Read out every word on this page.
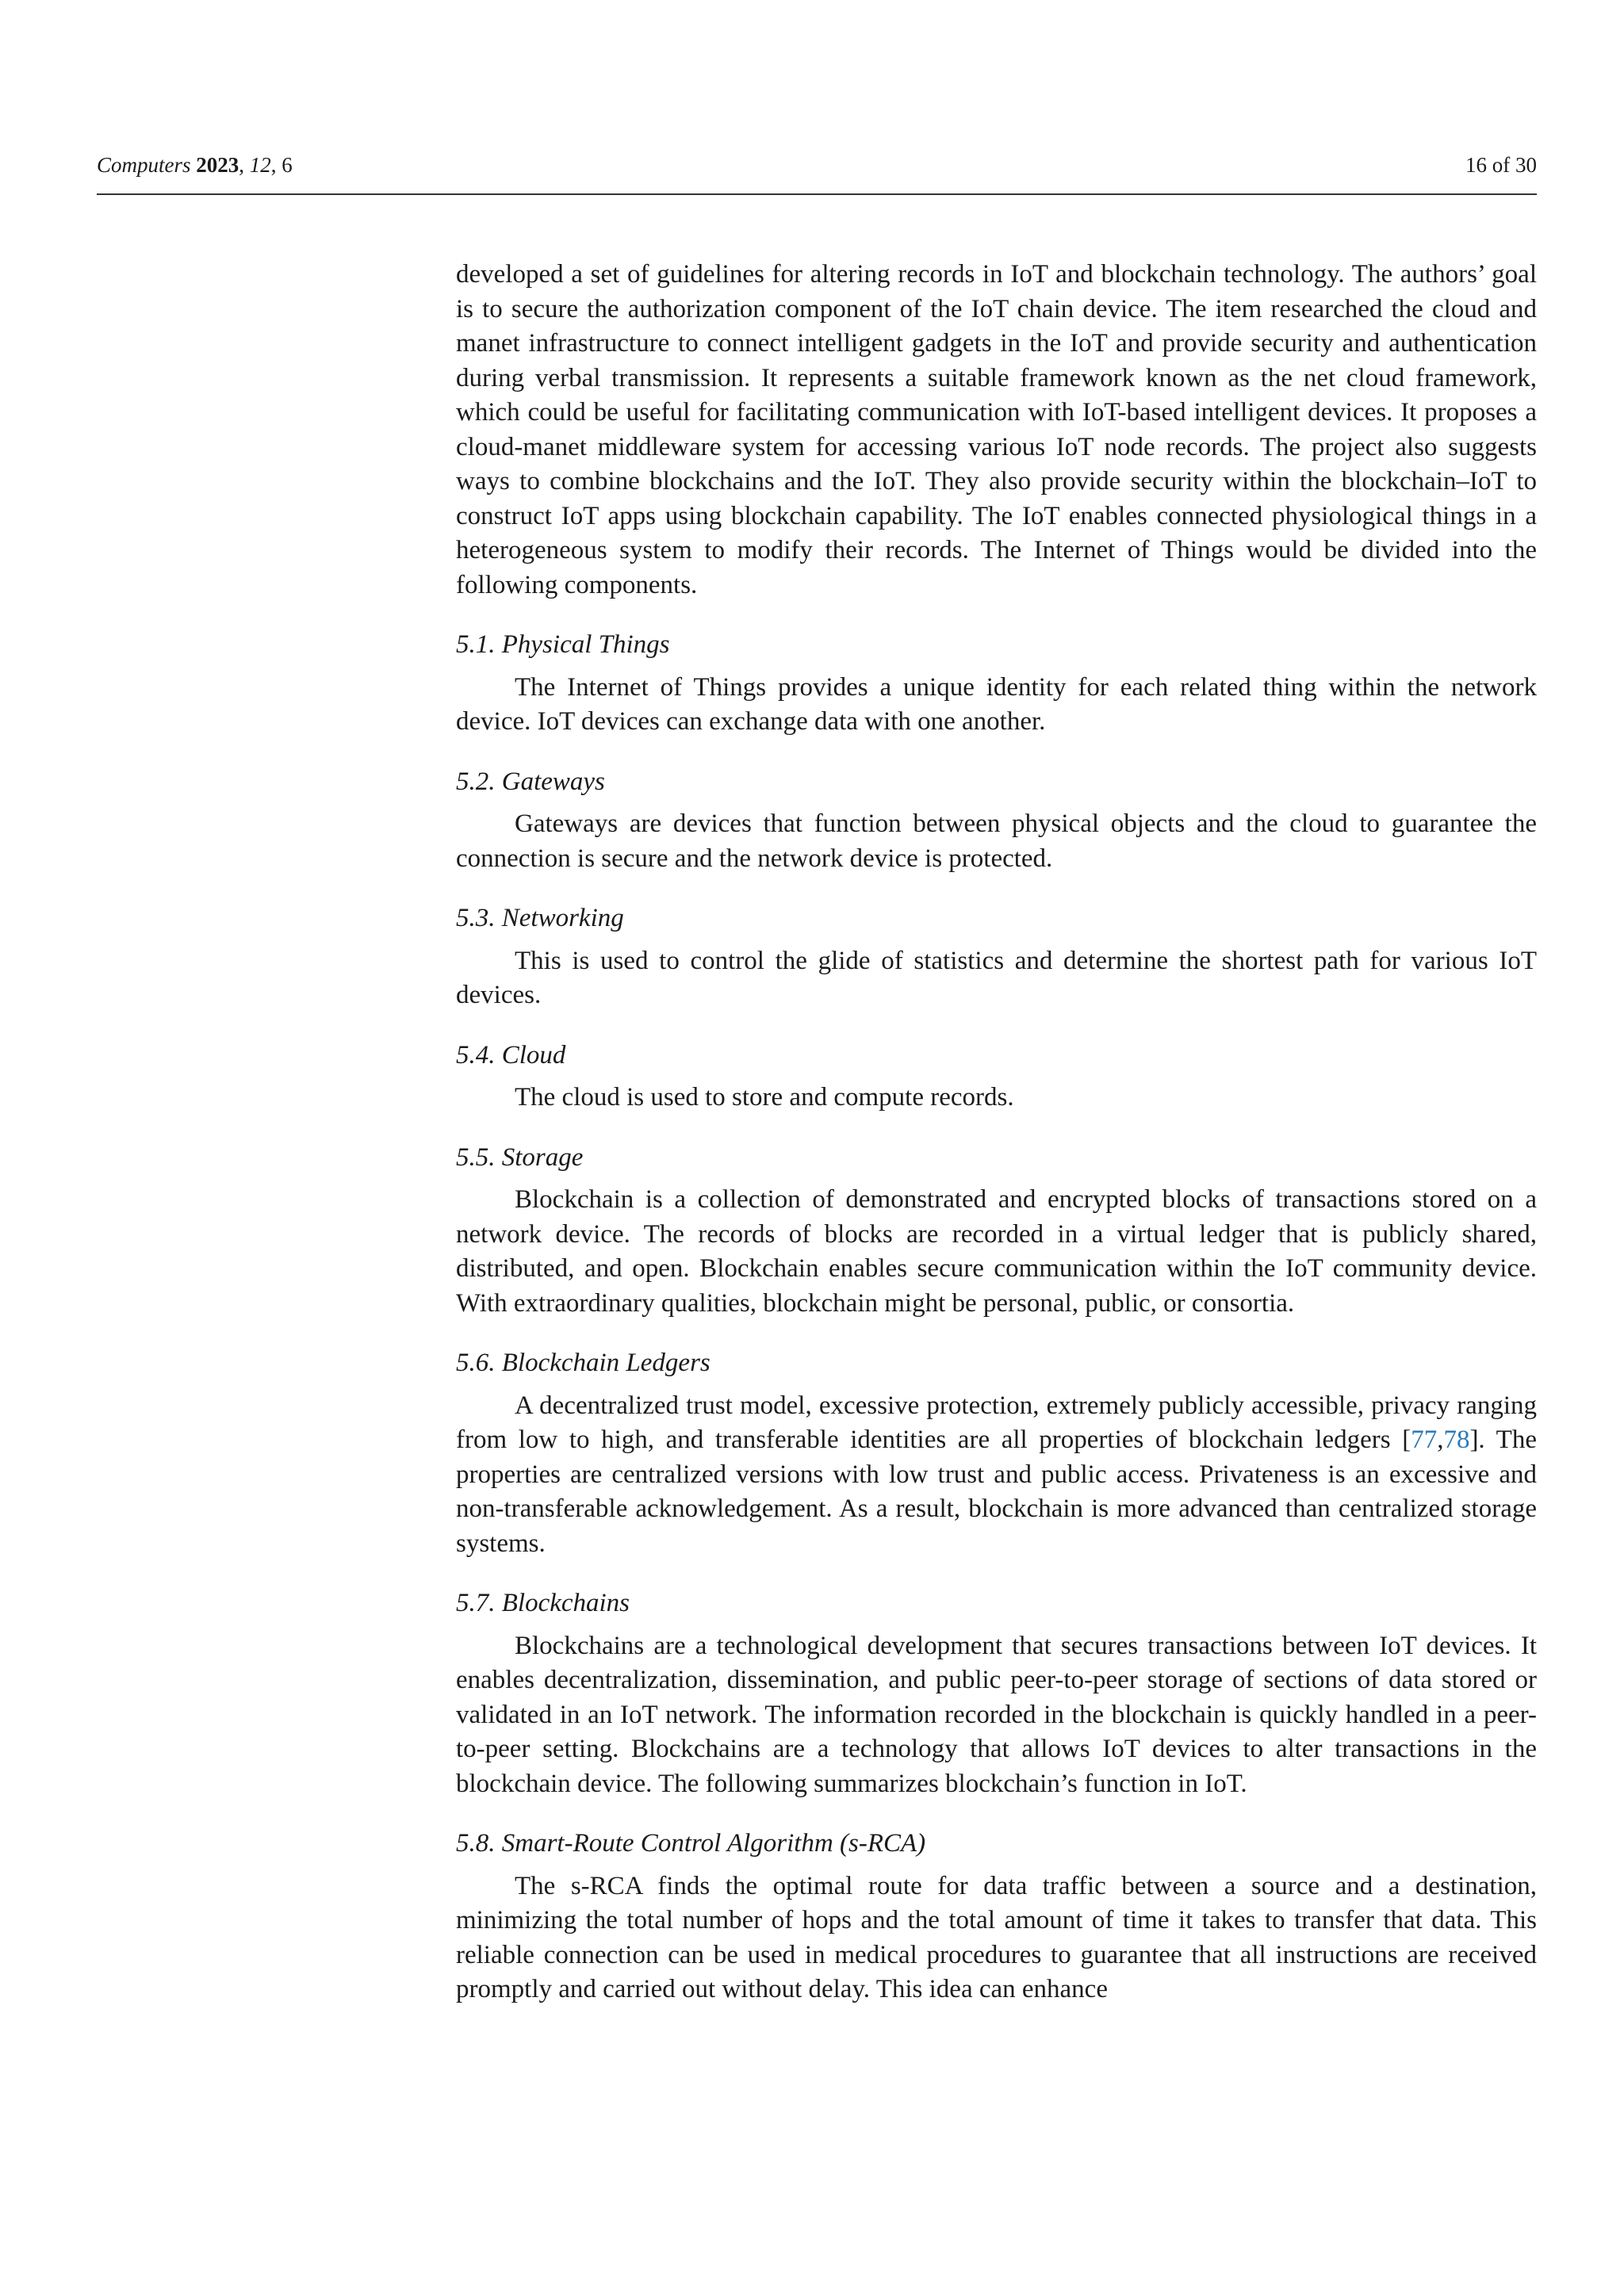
Computers 2023, 12, 6	16 of 30

developed a set of guidelines for altering records in IoT and blockchain technology. The authors’ goal is to secure the authorization component of the IoT chain device. The item researched the cloud and manet infrastructure to connect intelligent gadgets in the IoT and provide security and authentication during verbal transmission. It represents a suitable framework known as the net cloud framework, which could be useful for facilitating communication with IoT-based intelligent devices. It proposes a cloud-manet middleware system for accessing various IoT node records. The project also suggests ways to combine blockchains and the IoT. They also provide security within the blockchain–IoT to construct IoT apps using blockchain capability. The IoT enables connected physiological things in a heterogeneous system to modify their records. The Internet of Things would be divided into the following components.

5.1. Physical Things

The Internet of Things provides a unique identity for each related thing within the network device. IoT devices can exchange data with one another.

5.2. Gateways

Gateways are devices that function between physical objects and the cloud to guarantee the connection is secure and the network device is protected.

5.3. Networking

This is used to control the glide of statistics and determine the shortest path for various IoT devices.

5.4. Cloud

The cloud is used to store and compute records.

5.5. Storage

Blockchain is a collection of demonstrated and encrypted blocks of transactions stored on a network device. The records of blocks are recorded in a virtual ledger that is publicly shared, distributed, and open. Blockchain enables secure communication within the IoT community device. With extraordinary qualities, blockchain might be personal, public, or consortia.

5.6. Blockchain Ledgers

A decentralized trust model, excessive protection, extremely publicly accessible, privacy ranging from low to high, and transferable identities are all properties of blockchain ledgers [77,78]. The properties are centralized versions with low trust and public access. Privateness is an excessive and non-transferable acknowledgement. As a result, blockchain is more advanced than centralized storage systems.

5.7. Blockchains

Blockchains are a technological development that secures transactions between IoT devices. It enables decentralization, dissemination, and public peer-to-peer storage of sections of data stored or validated in an IoT network. The information recorded in the blockchain is quickly handled in a peer-to-peer setting. Blockchains are a technology that allows IoT devices to alter transactions in the blockchain device. The following summarizes blockchain’s function in IoT.

5.8. Smart-Route Control Algorithm (s-RCA)

The s-RCA finds the optimal route for data traffic between a source and a destination, minimizing the total number of hops and the total amount of time it takes to transfer that data. This reliable connection can be used in medical procedures to guarantee that all instructions are received promptly and carried out without delay. This idea can enhance
